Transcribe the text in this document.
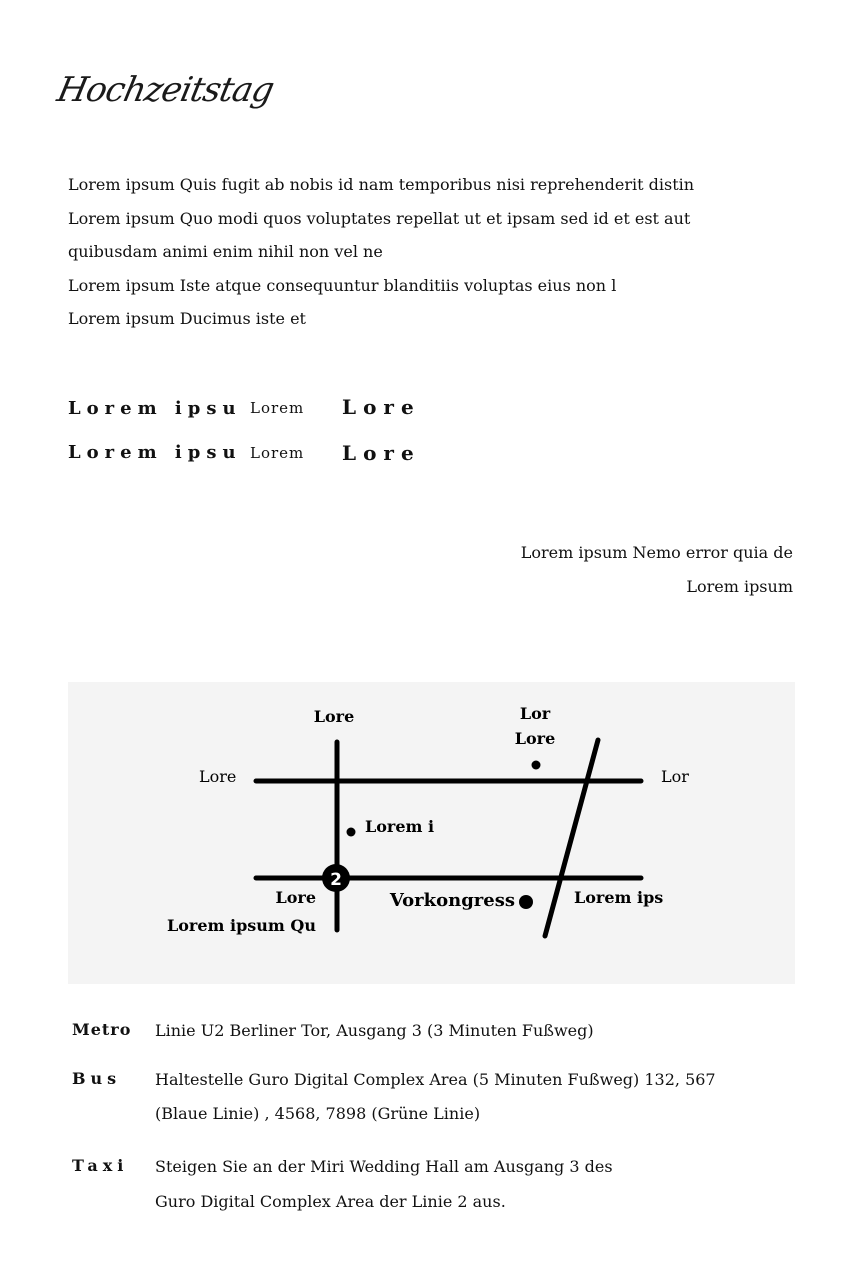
Hochzeitstag
Lorem ipsum Quis fugit ab nobis id nam temporibus nisi reprehenderit distin
Lorem ipsum Quo modi quos voluptates repellat ut et ipsam sed id et est aut
quibusdam animi enim nihil non vel ne
Lorem ipsum Iste atque consequuntur blanditiis voluptas eius non l
Lorem ipsum Ducimus iste et
Lorem ipsu Lorem Lore
Lorem ipsu Lorem Lore
Lorem ipsum Nemo error quia de
Lorem ipsum
2
Lore	Lor
Lore
Lore	Lor
Lorem i
Lore
Lorem ipsum Qu
Vorkongress	Lorem ips
Metro Linie U2 Berliner Tor, Ausgang 3 (3 Minuten Fußweg)
Bus Haltestelle Guro Digital Complex Area (5 Minuten Fußweg) 132, 567
(Blaue Linie) , 4568, 7898 (Grüne Linie)
Taxi Steigen Sie an der Miri Wedding Hall am Ausgang 3 des
Guro Digital Complex Area der Linie 2 aus.
